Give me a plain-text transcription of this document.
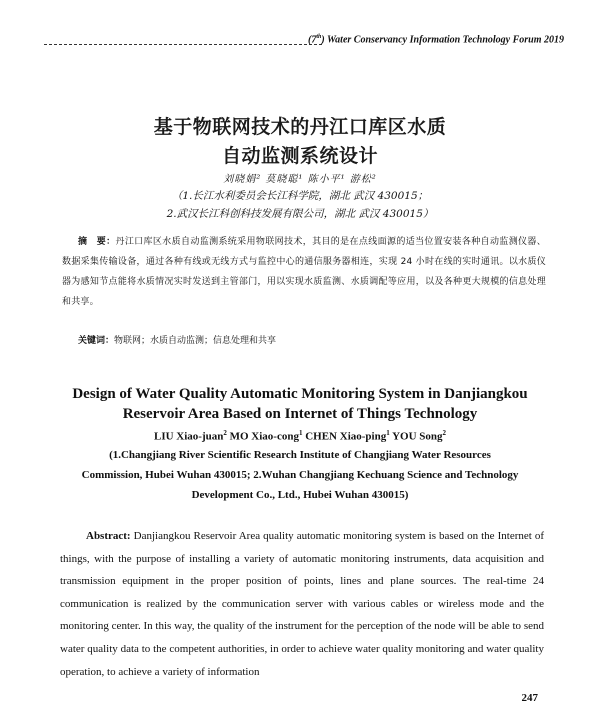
(7th) Water Conservancy Information Technology Forum 2019
基于物联网技术的丹江口库区水质
自动监测系统设计
刘晓娟² 莫晓聪¹ 陈小平¹ 游松²
（1.长江水利委员会长江科学院，湖北 武汉 430015；
2.武汉长江科创科技发展有限公司，湖北 武汉 430015）
摘　要：丹江口库区水质自动监测系统采用物联网技术，其目的是在点线面源的适当位置安装各种自动监测仪器、数据采集传输设备，通过各种有线或无线方式与监控中心的通信服务器相连，实现 24 小时在线的实时通讯。以水质仪器为感知节点能将水质情况实时发送到主管部门，用以实现水质监测、水质调配等应用，以及各种更大规模的信息处理和共享。
关键词：物联网；水质自动监测；信息处理和共享
Design of Water Quality Automatic Monitoring System in Danjiangkou
Reservoir Area Based on Internet of Things Technology
LIU Xiao-juan$^2$ MO Xiao-cong$^1$ CHEN Xiao-ping$^1$ YOU Song$^2$
(1.Changjiang River Scientific Research Institute of Changjiang Water Resources
Commission, Hubei Wuhan 430015; 2.Wuhan Changjiang Kechuang Science and Technology
Development Co., Ltd., Hubei Wuhan 430015)
Abstract: Danjiangkou Reservoir Area quality automatic monitoring system is based on the Internet of things, with the purpose of installing a variety of automatic monitoring instruments, data acquisition and transmission equipment in the proper position of points, lines and plane sources. The real-time 24 communication is realized by the communication server with various cables or wireless mode and the monitoring center. In this way, the quality of the instrument for the perception of the node will be able to send water quality data to the competent authorities, in order to achieve water quality monitoring and water quality operation, to achieve a variety of information
247
